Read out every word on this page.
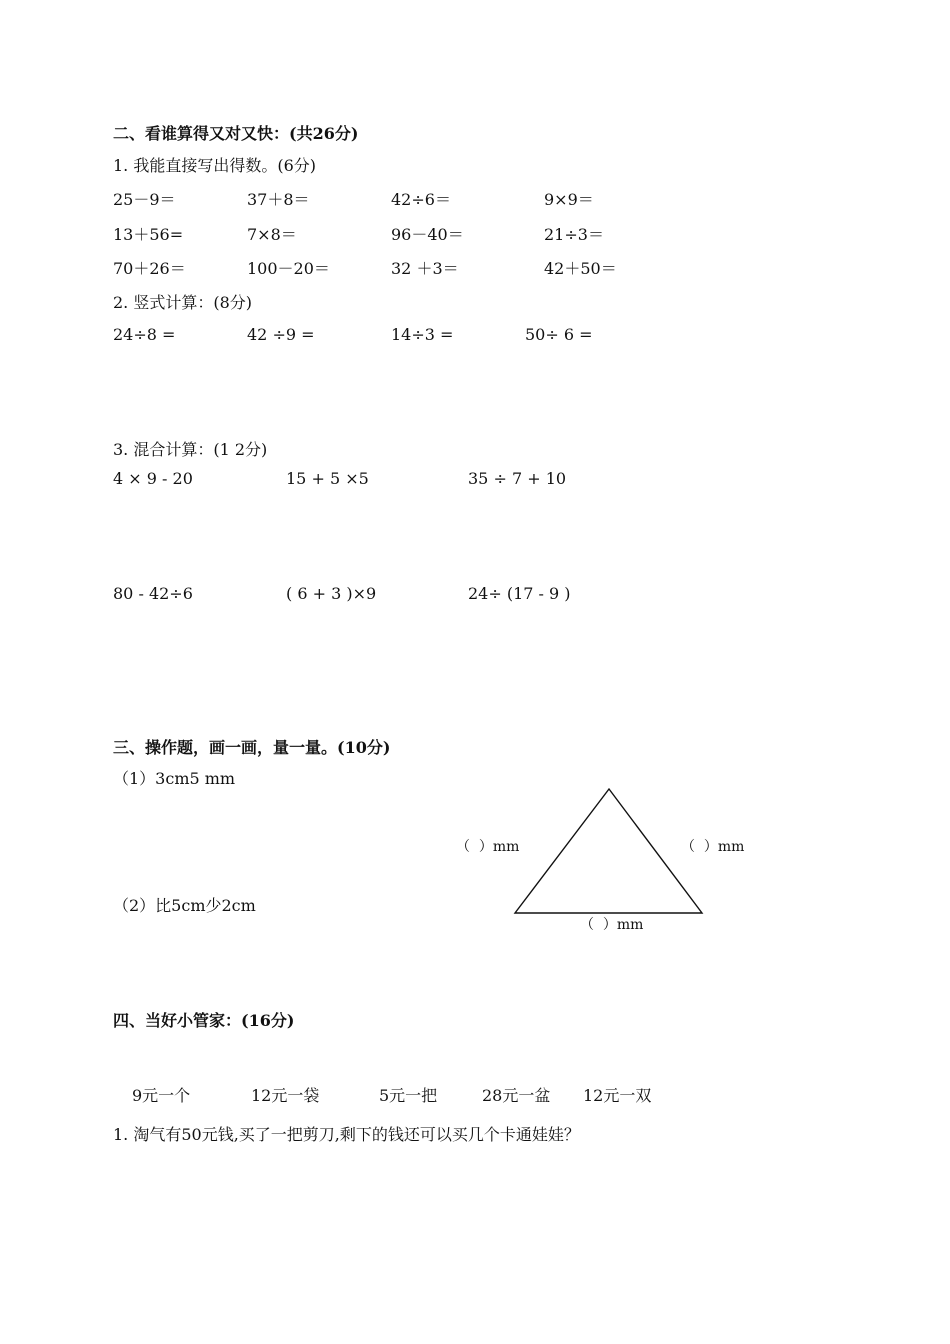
二、看谁算得又对又快：(共26分)
1. 我能直接写出得数。(6分)
25－9＝	37＋8＝	42÷6＝	9×9＝
13＋56=	7×8＝	96－40＝	21÷3＝
70＋26＝	100－20＝	32 ＋3＝	42＋50＝
2. 竖式计算：(8分)
24÷8 =	42 ÷9 =	14÷3 =	50÷ 6 =
3. 混合计算：(1 2分)
4 × 9 - 20	15 + 5 ×5	35 ÷ 7 + 10
80 - 42÷6	( 6 + 3 )×9	24÷ (17 - 9 )
三、操作题，画一画，量一量。(10分)
（1）3cm5 mm
（2）比5cm少2cm
（  ）mm	（  ）mm
（  ）mm
四、当好小管家：(16分)
9元一个	12元一袋	5元一把	28元一盆 12元一双
1. 淘气有50元钱,买了一把剪刀,剩下的钱还可以买几个卡通娃娃？
